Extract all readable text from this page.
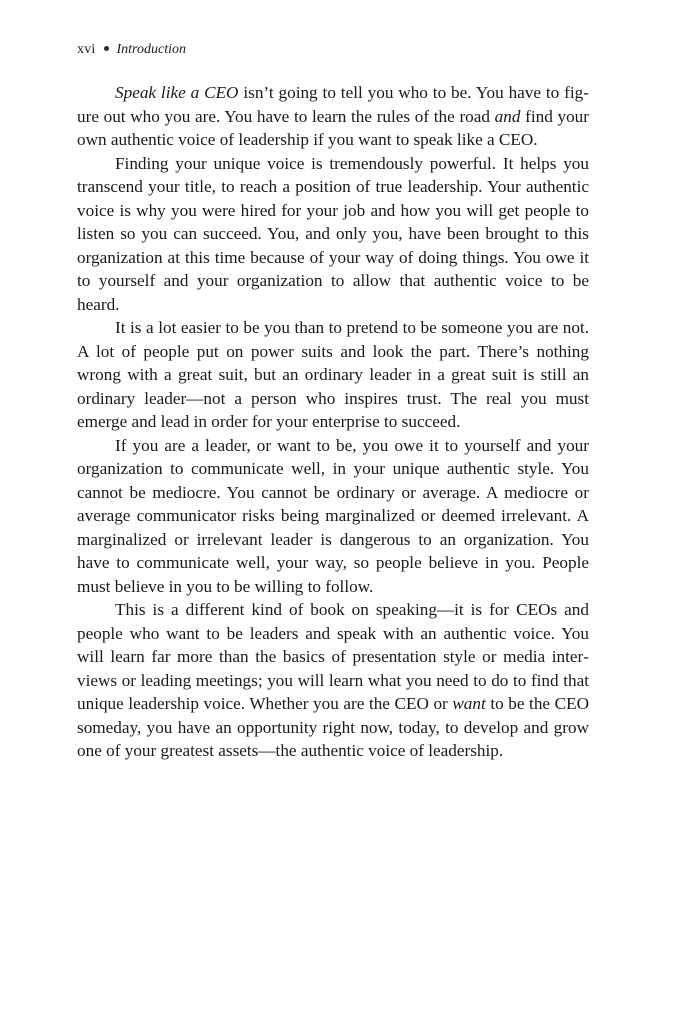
xvi Introduction

Speak like a CEO isn’t going to tell you who to be. You have to figure out who you are. You have to learn the rules of the road and find your own authentic voice of leadership if you want to speak like a CEO.

Finding your unique voice is tremendously powerful. It helps you transcend your title, to reach a position of true leadership. Your authentic voice is why you were hired for your job and how you will get people to listen so you can succeed. You, and only you, have been brought to this organization at this time because of your way of doing things. You owe it to yourself and your organization to allow that authentic voice to be heard.

It is a lot easier to be you than to pretend to be someone you are not. A lot of people put on power suits and look the part. There’s nothing wrong with a great suit, but an ordinary leader in a great suit is still an ordinary leader—not a person who inspires trust. The real you must emerge and lead in order for your enterprise to succeed.

If you are a leader, or want to be, you owe it to yourself and your organization to communicate well, in your unique authentic style. You cannot be mediocre. You cannot be ordinary or average. A mediocre or average communicator risks being marginalized or deemed irrelevant. A marginalized or irrelevant leader is dangerous to an organization. You have to communicate well, your way, so people believe in you. People must believe in you to be willing to follow.

This is a different kind of book on speaking—it is for CEOs and people who want to be leaders and speak with an authentic voice. You will learn far more than the basics of presentation style or media interviews or leading meetings; you will learn what you need to do to find that unique leadership voice. Whether you are the CEO or want to be the CEO someday, you have an opportunity right now, today, to develop and grow one of your greatest assets—the authentic voice of leadership.
